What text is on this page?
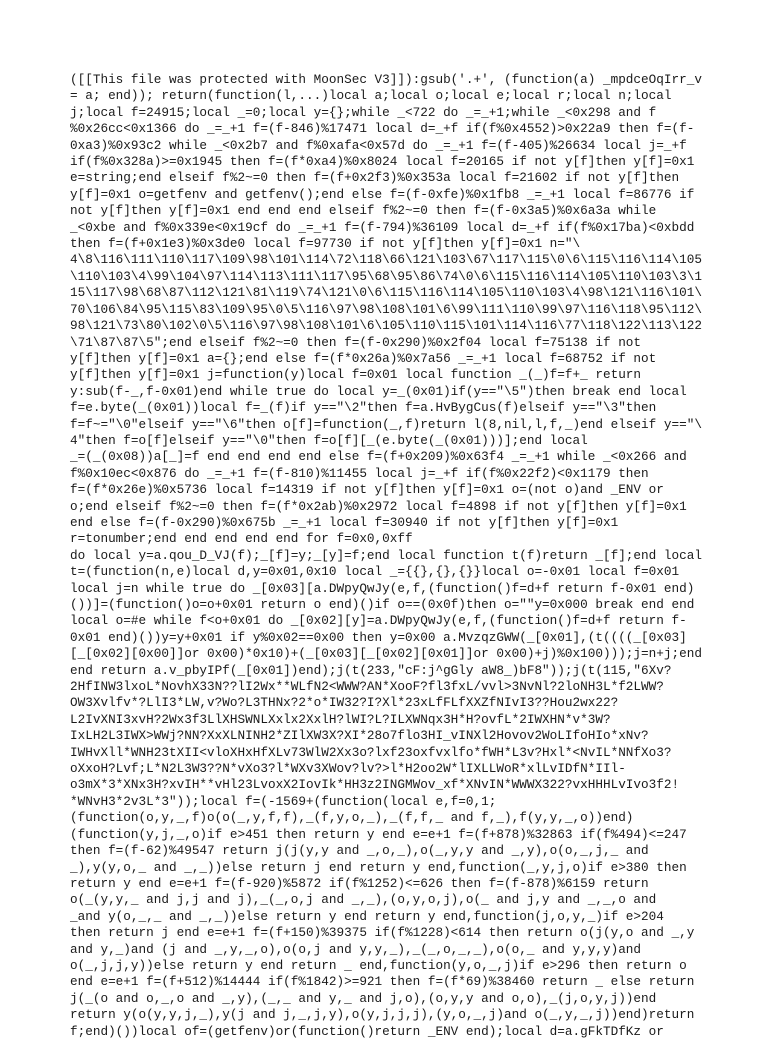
([[This file was protected with MoonSec V3]]):gsub('.+', (function(a) _mpdceOqIrr_v
= a; end)); return(function(l,...)local a;local o;local e;local r;local n;local
j;local f=24915;local _=0;local y={};while _<722 do _=_+1;while _<0x298 and f
%0x26cc<0x1366 do _=_+1 f=(f-846)%17471 local d=_+f if(f%0x4552)>0x22a9 then f=(f-
0xa3)%0x93c2 while _<0x2b7 and f%0xafa<0x57d do _=_+1 f=(f-405)%26634 local j=_+f
if(f%0x328a)>=0x1945 then f=(f*0xa4)%0x8024 local f=20165 if not y[f]then y[f]=0x1
e=string;end elseif f%2~=0 then f=(f+0x2f3)%0x353a local f=21602 if not y[f]then
y[f]=0x1 o=getfenv and getfenv();end else f=(f-0xfe)%0x1fb8 _=_+1 local f=86776 if
not y[f]then y[f]=0x1 end end end elseif f%2~=0 then f=(f-0x3a5)%0x6a3a while
_<0xbe and f%0x339e<0x19cf do _=_+1 f=(f-794)%36109 local d=_+f if(f%0x17ba)<0xbdd
then f=(f+0x1e3)%0x3de0 local f=97730 if not y[f]then y[f]=0x1 n="\
4\8\116\111\110\117\109\98\101\114\72\118\66\121\103\67\117\115\0\6\115\116\114\105
\110\103\4\99\104\97\114\113\111\117\95\68\95\86\74\0\6\115\116\114\105\110\103\3\1
15\117\98\68\87\112\121\81\119\74\121\0\6\115\116\114\105\110\103\4\98\121\116\101\
70\106\84\95\115\83\109\95\0\5\116\97\98\108\101\6\99\111\110\99\97\116\118\95\112\
98\121\73\80\102\0\5\116\97\98\108\101\6\105\110\115\101\114\116\77\118\122\113\122
\71\87\87\5";end elseif f%2~=0 then f=(f-0x290)%0x2f04 local f=75138 if not
y[f]then y[f]=0x1 a={};end else f=(f*0x26a)%0x7a56 _=_+1 local f=68752 if not
y[f]then y[f]=0x1 j=function(y)local f=0x01 local function _(_)f=f+_ return
y:sub(f-_,f-0x01)end while true do local y=_(0x01)if(y=="\5")then break end local
f=e.byte(_(0x01))local f=_(f)if y=="\2"then f=a.HvBygCus(f)elseif y=="\3"then
f=f~="\0"elseif y=="\6"then o[f]=function(_,f)return l(8,nil,l,f,_)end elseif y=="\
4"then f=o[f]elseif y=="\0"then f=o[f][_(e.byte(_(0x01)))];end local
_=(_(0x08))a[_]=f end end end end else f=(f+0x209)%0x63f4 _=_+1 while _<0x266 and
f%0x10ec<0x876 do _=_+1 f=(f-810)%11455 local j=_+f if(f%0x22f2)<0x1179 then
f=(f*0x26e)%0x5736 local f=14319 if not y[f]then y[f]=0x1 o=(not o)and _ENV or
o;end elseif f%2~=0 then f=(f*0x2ab)%0x2972 local f=4898 if not y[f]then y[f]=0x1
end else f=(f-0x290)%0x675b _=_+1 local f=30940 if not y[f]then y[f]=0x1
r=tonumber;end end end end end for f=0x0,0xff
do local y=a.qou_D_VJ(f);_[f]=y;_[y]=f;end local function t(f)return _[f];end local
t=(function(n,e)local d,y=0x01,0x10 local _={{},{},{}}local o=-0x01 local f=0x01
local j=n while true do _[0x03][a.DWpyQwJy(e,f,(function()f=d+f return f-0x01 end)
())]=(function()o=o+0x01 return o end)()if o==(0x0f)then o=""y=0x000 break end end
local o=#e while f<o+0x01 do _[0x02][y]=a.DWpyQwJy(e,f,(function()f=d+f return f-
0x01 end)())y=y+0x01 if y%0x02==0x00 then y=0x00 a.MvzqzGWW(_[0x01],(t((((_[0x03]
[_[0x02][0x00]]or 0x00)*0x10)+(_[0x03][_[0x02][0x01]]or 0x00)+j)%0x100)));j=n+j;end
end return a.v_pbyIPf(_[0x01])end);j(t(233,"cF:j^gGly aW8_)bF8"));j(t(115,"6Xv?
2HfINW3lxoL*NovhX33N??lI2Wx**WLfN2<WWW?AN*XooF?fl3fxL/vvl>3NvNl?2loNH3L*f2LWW?
OW3Xvlfv*?LlI3*LW,v?Wo?L3THNx?2*o*IW32?I?Xl*23xLfFLfXXZfNIvI3??Hou2wx22?
L2IvXNI3xvH?2Wx3f3LlXHSWNLXxlx2XxlH?lWI?L?ILXWNqx3H*H?ovfL*2IWXHN*v*3W?
IxLH2L3IWX>WWj?NN?XxXLNINH2*ZIlXW3X?XI*28o7flo3HI_vINXl2Hovov2WoLIfoHIo*xNv?
IWHvXll*WNH23tXII<vloXHxHfXLv73WlW2Xx3o?lxf23oxfvxlfo*fWH*L3v?Hxl*<NvIL*NNfXo3?
oXxoH?Lvf;L*N2L3W3??N*vXo3?l*WXv3XWov?lv?>l*H2oo2W*lIXLLWoR*xlLvIDfN*IIl-
o3mX*3*XNx3H?xvIH**vHl23LvoxX2IovIk*HH3z2INGMWov_xf*XNvIN*WWWX322?vxHHHLvIvo3f2!
*WNvH3*2v3L*3"));local f=(-1569+(function(local e,f=0,1;
(function(o,y,_,f)o(o(_,y,f,f),_(f,y,o,_),_(f,f,_ and f,_),f(y,y,_,o))end)
(function(y,j,_,o)if e>451 then return y end e=e+1 f=(f+878)%32863 if(f%494)<=247
then f=(f-62)%49547 return j(j(y,y and _,o,_),o(_,y,y and _,y),o(o,_,j,_ and
_),y(y,o,_ and _,_))else return j end return y end,function(_,y,j,o)if e>380 then
return y end e=e+1 f=(f-920)%5872 if(f%1252)<=626 then f=(f-878)%6159 return
o(_(y,y,_ and j,j and j),_(_,o,j and _,_),(o,y,o,j),o(_ and j,y and _,_,o and
_and y(o,_,_ and _,_))else return y end return y end,function(j,o,y,_)if e>204
then return j end e=e+1 f=(f+150)%39375 if(f%1228)<614 then return o(j(y,o and _,y
and y,_)and (j and _,y,_,o),o(o,j and y,y,_),_(_,o,_,_),o(o,_ and y,y,y)and
o(_,j,j,y))else return y end return _ end,function(y,o,_,j)if e>296 then return o
end e=e+1 f=(f+512)%14444 if(f%1842)>=921 then f=(f*69)%38460 return _ else return
j(_(o and o,_,o and _,y),(_,_ and y,_ and j,o),(o,y,y and o,o),_(j,o,y,j))end
return y(o(y,y,j,_),y(j and j,_,j,y),o(y,j,j,j),(y,o,_,j)and o(_,y,_,j))end)return
f;end)())local of=(getfenv)or(function()return _ENV end);local d=a.gFkTDfKz or
